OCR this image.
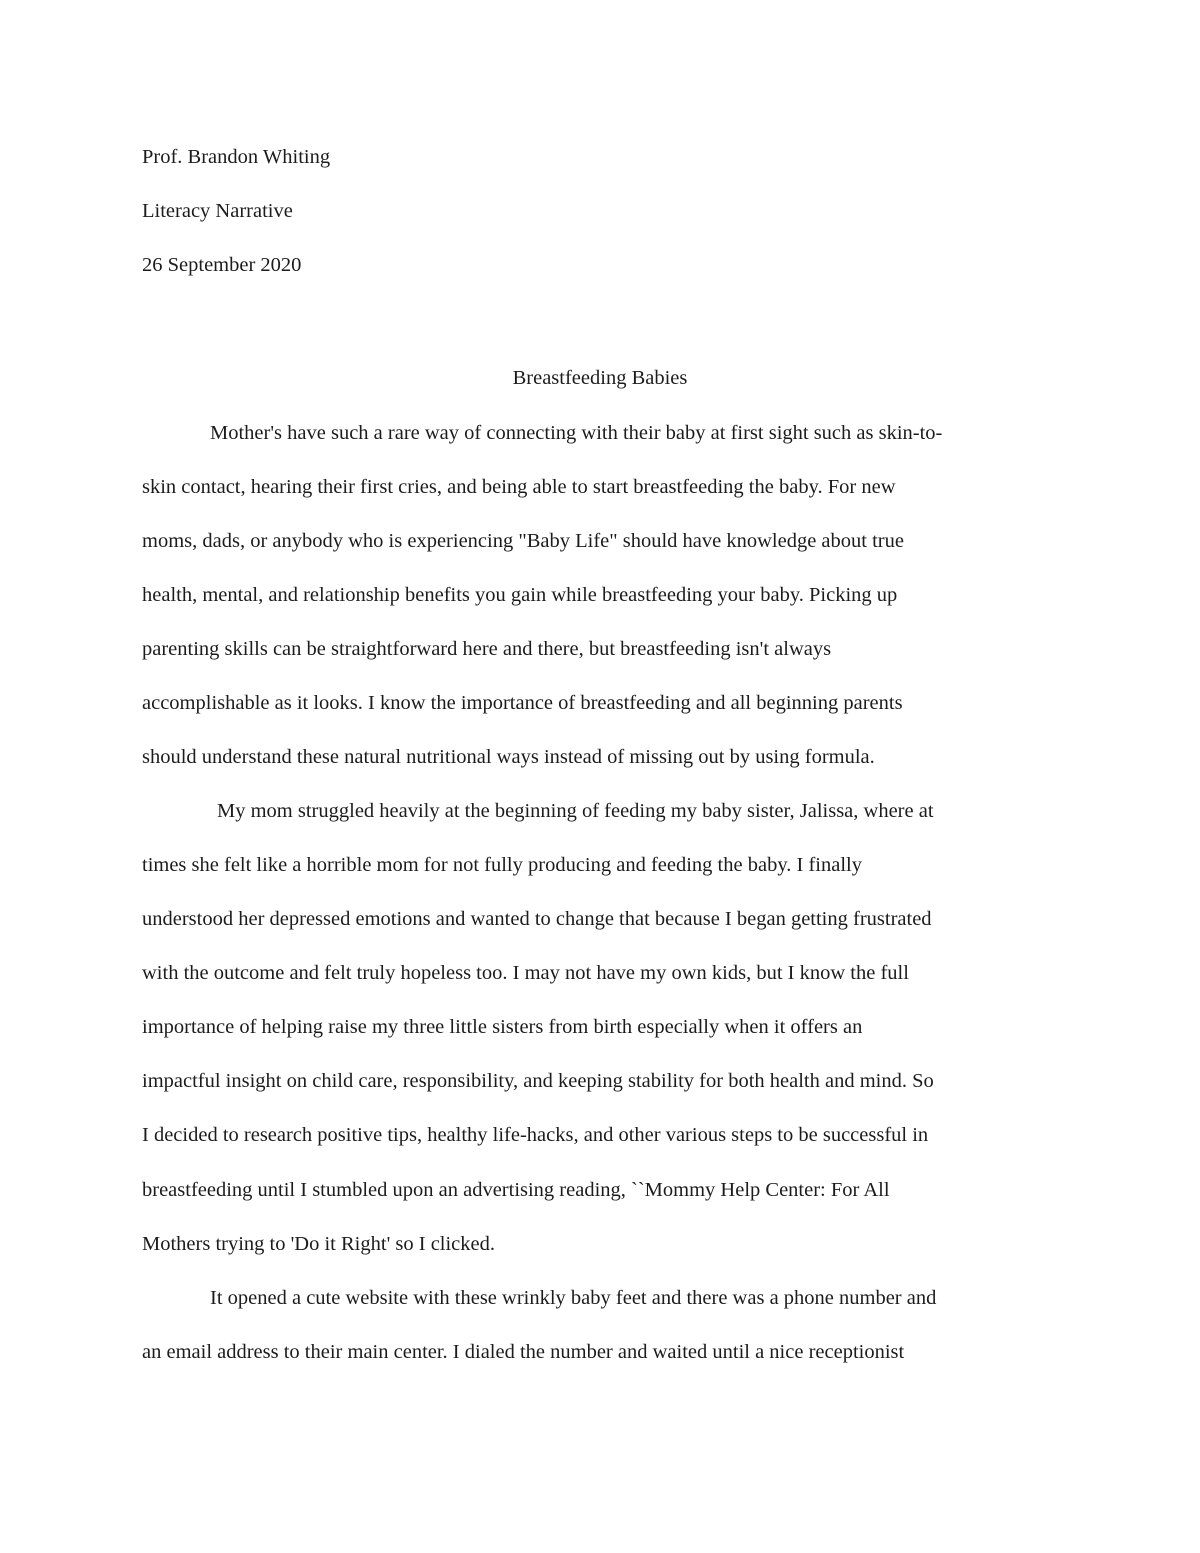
Prof. Brandon Whiting
Literacy Narrative
26 September 2020
Breastfeeding Babies
Mother's have such a rare way of connecting with their baby at first sight such as skin-to-
skin contact, hearing their first cries, and being able to start breastfeeding the baby. For new
moms, dads, or anybody who is experiencing "Baby Life" should have knowledge about true
health, mental, and relationship benefits you gain while breastfeeding your baby. Picking up
parenting skills can be straightforward here and there, but breastfeeding isn't always
accomplishable as it looks. I know the importance of breastfeeding and all beginning parents
should understand these natural nutritional ways instead of missing out by using formula.
My mom struggled heavily at the beginning of feeding my baby sister, Jalissa, where at
times she felt like a horrible mom for not fully producing and feeding the baby. I finally
understood her depressed emotions and wanted to change that because I began getting frustrated
with the outcome and felt truly hopeless too. I may not have my own kids, but I know the full
importance of helping raise my three little sisters from birth especially when it offers an
impactful insight on child care, responsibility, and keeping stability for both health and mind. So
I decided to research positive tips, healthy life-hacks, and other various steps to be successful in
breastfeeding until I stumbled upon an advertising reading, ``Mommy Help Center: For All
Mothers trying to 'Do it Right' so I clicked.
It opened a cute website with these wrinkly baby feet and there was a phone number and
an email address to their main center. I dialed the number and waited until a nice receptionist
